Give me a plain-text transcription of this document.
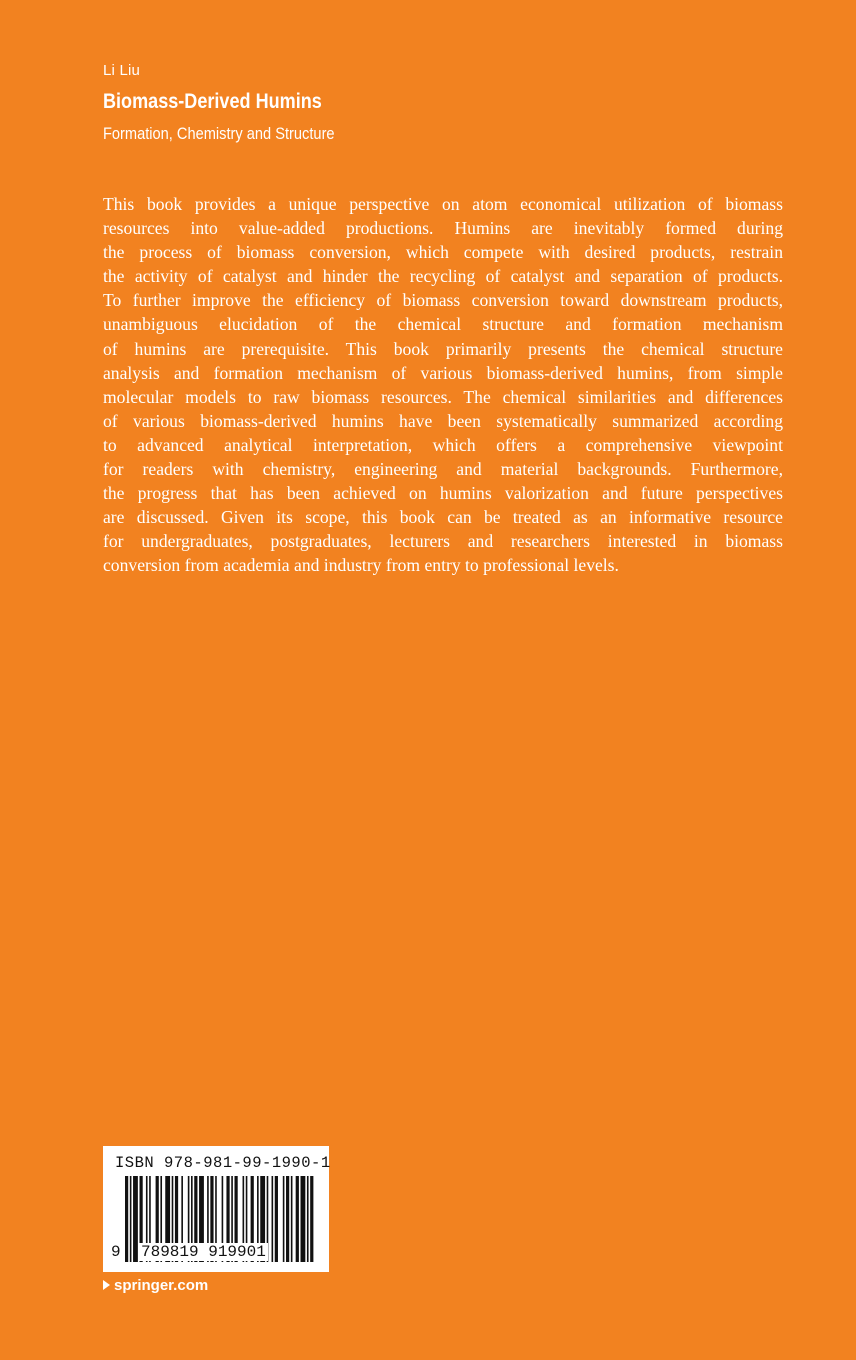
Li Liu
Biomass-Derived Humins
Formation, Chemistry and Structure

This book provides a unique perspective on atom economical utilization of biomass
resources into value-added productions. Humins are inevitably formed during
the process of biomass conversion, which compete with desired products, restrain
the activity of catalyst and hinder the recycling of catalyst and separation of products.
To further improve the efficiency of biomass conversion toward downstream products,
unambiguous elucidation of the chemical structure and formation mechanism
of humins are prerequisite. This book primarily presents the chemical structure
analysis and formation mechanism of various biomass-derived humins, from simple
molecular models to raw biomass resources. The chemical similarities and differences
of various biomass-derived humins have been systematically summarized according
to advanced analytical interpretation, which offers a comprehensive viewpoint
for readers with chemistry, engineering and material backgrounds. Furthermore,
the progress that has been achieved on humins valorization and future perspectives
are discussed. Given its scope, this book can be treated as an informative resource
for undergraduates, postgraduates, lecturers and researchers interested in biomass
conversion from academia and industry from entry to professional levels.

ISBN 978-981-99-1990-1
9 789819 919901
springer.com
